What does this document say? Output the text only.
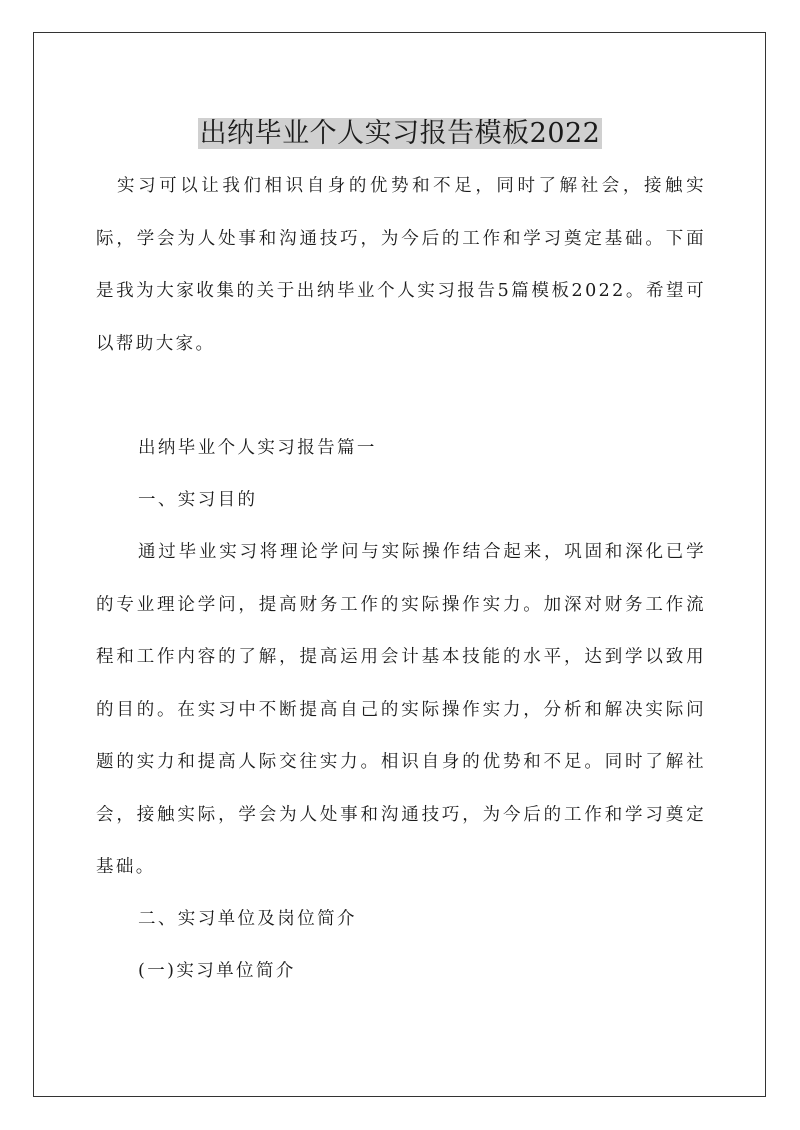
出纳毕业个人实习报告模板2022

实习可以让我们相识自身的优势和不足，同时了解社会，接触实际，学会为人处事和沟通技巧，为今后的工作和学习奠定基础。下面是我为大家收集的关于出纳毕业个人实习报告5篇模板2022。希望可以帮助大家。

出纳毕业个人实习报告篇一

一、实习目的

通过毕业实习将理论学问与实际操作结合起来，巩固和深化已学的专业理论学问，提高财务工作的实际操作实力。加深对财务工作流程和工作内容的了解，提高运用会计基本技能的水平，达到学以致用的目的。在实习中不断提高自己的实际操作实力，分析和解决实际问题的实力和提高人际交往实力。相识自身的优势和不足。同时了解社会，接触实际，学会为人处事和沟通技巧，为今后的工作和学习奠定基础。

二、实习单位及岗位简介

(一)实习单位简介
